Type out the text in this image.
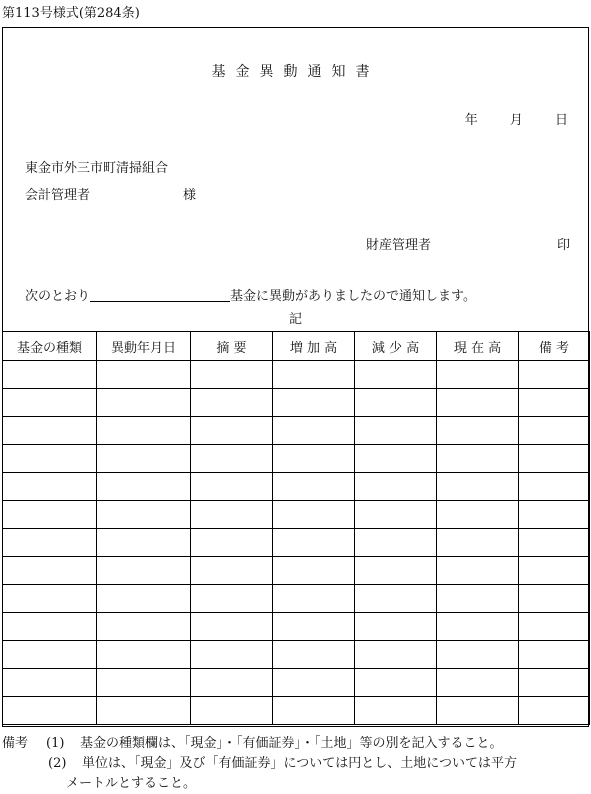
第113号様式(第284条)
基金異動通知書
年 月 日
東金市外三市町清掃組合
会計管理者	様
財産管理者	印
次のとおり	基金に異動がありましたので通知します。
記
基金の種類	異動年月日	摘 要	増 加 高	減 少 高	現 在 高	備 考

備考 (1) 基金の種類欄は、「現金」・「有価証券」・「土地」等の別を記入すること。
(2) 単位は、「現金」及び「有価証券」については円とし、土地については平方
メートルとすること。
